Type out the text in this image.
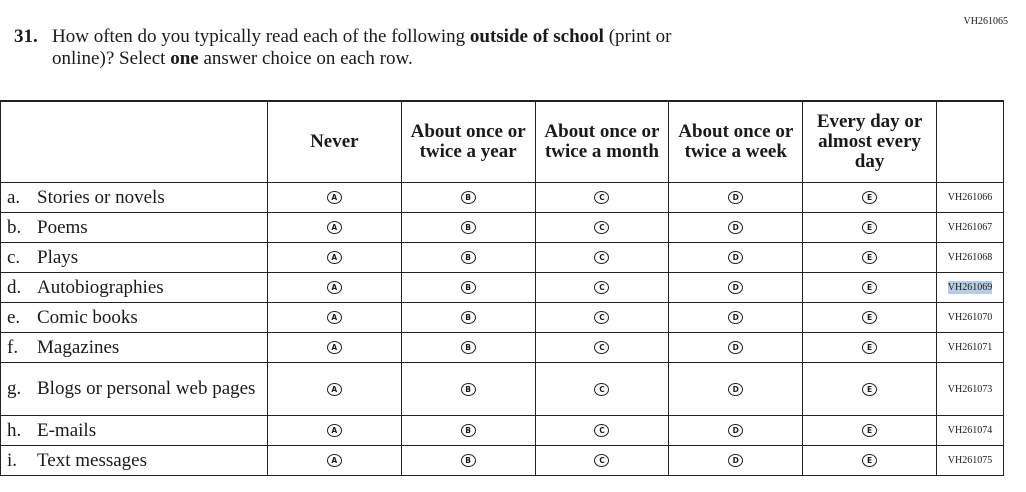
VH261065
31. How often do you typically read each of the following outside of school (print or
online)? Select one answer choice on each row.
	Never	About once or twice a year	About once or twice a month	About once or twice a week	Every day or almost every day	
a. Stories or novels	A	B	C	D	E	VH261066
b. Poems	A	B	C	D	E	VH261067
c. Plays	A	B	C	D	E	VH261068
d. Autobiographies	A	B	C	D	E	VH261069
e. Comic books	A	B	C	D	E	VH261070
f. Magazines	A	B	C	D	E	VH261071
g. Blogs or personal web pages	A	B	C	D	E	VH261073
h. E-mails	A	B	C	D	E	VH261074
i. Text messages	A	B	C	D	E	VH261075
